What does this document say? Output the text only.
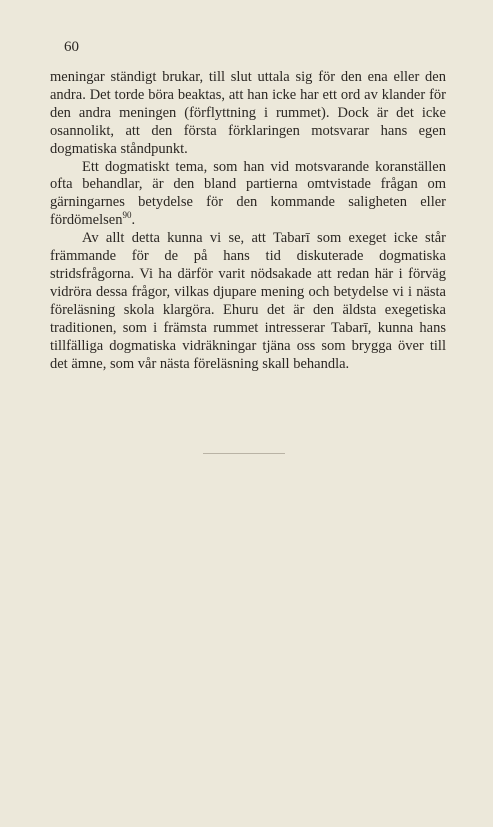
60

meningar ständigt brukar, till slut uttala sig för den ena eller den andra. Det torde böra beaktas, att han icke har ett ord av klander för den andra meningen (förflyttning i rummet). Dock är det icke osannolikt, att den första förklaringen motsvarar hans egen dogmatiska ståndpunkt.

Ett dogmatiskt tema, som han vid motsvarande koranställen ofta behandlar, är den bland partierna omtvistade frågan om gärningarnes betydelse för den kommande saligheten eller fördömelsen$^{90}$.

Av allt detta kunna vi se, att Tabarī som exeget icke står främmande för de på hans tid diskuterade dogmatiska stridsfrågorna. Vi ha därför varit nödsakade att redan här i förväg vidröra dessa frågor, vilkas djupare mening och betydelse vi i nästa föreläsning skola klargöra. Ehuru det är den äldsta exegetiska traditionen, som i främsta rummet intresserar Tabarī, kunna hans tillfälliga dogmatiska vidräkningar tjäna oss som brygga över till det ämne, som vår nästa föreläsning skall behandla.
